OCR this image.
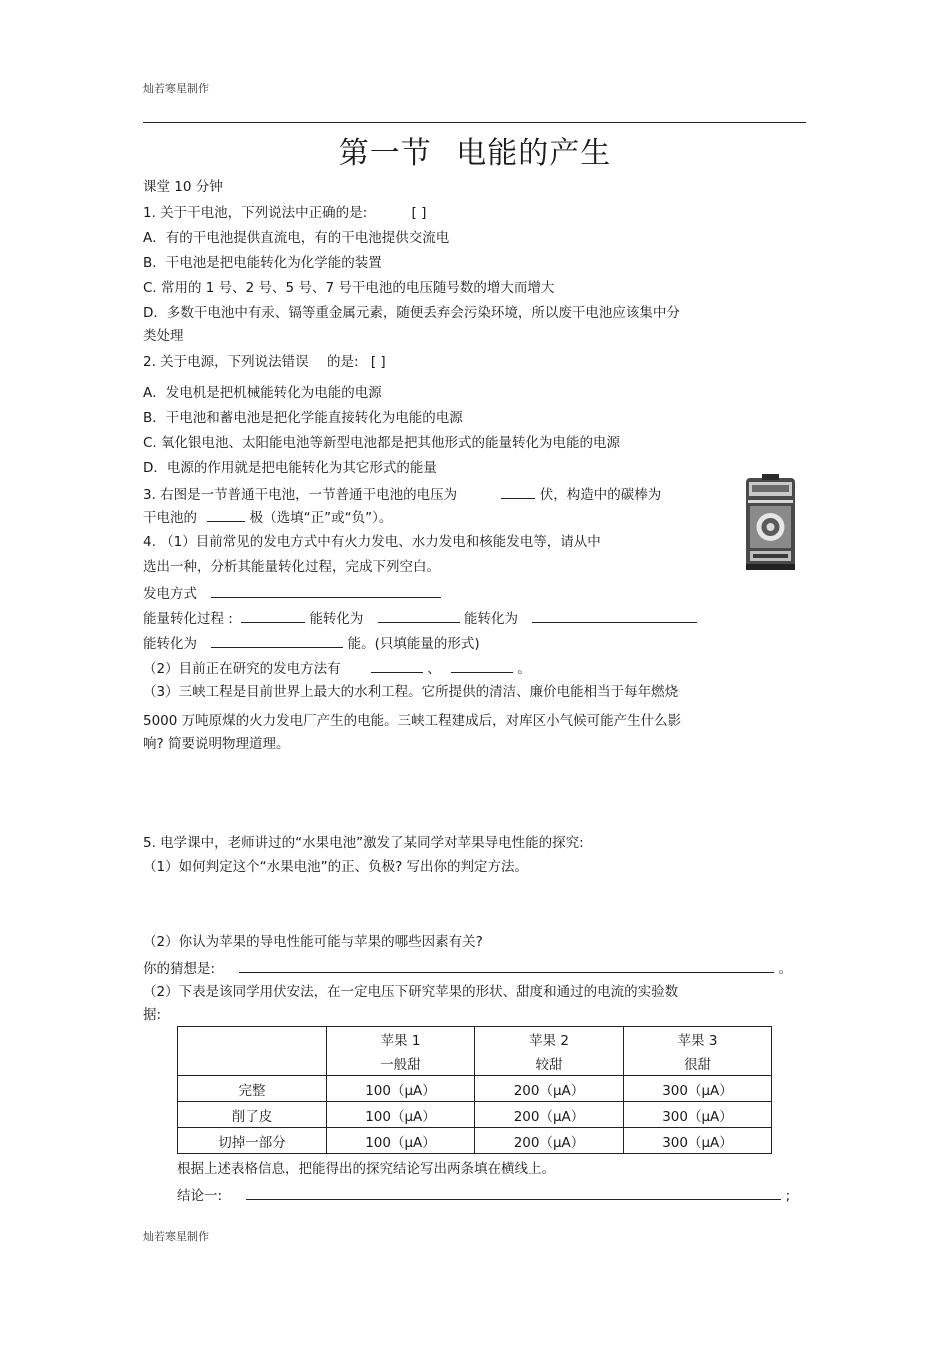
灿若寒星制作
第一节 电能的产生
课堂 10 分钟
1. 关于干电池，下列说法中正确的是:	[ ]
A．有的干电池提供直流电，有的干电池提供交流电
B．干电池是把电能转化为化学能的装置
C. 常用的 1 号、2 号、5 号、7 号干电池的电压随号数的增大而增大
D．多数干电池中有汞、镉等重金属元素，随便丢弃会污染环境，所以废干电池应该集中分
类处理
2. 关于电源，下列说法错误 的是: [ ]
A．发电机是把机械能转化为电能的电源
B．干电池和蓄电池是把化学能直接转化为电能的电源
C. 氧化银电池、太阳能电池等新型电池都是把其他形式的能量转化为电能的电源
D．电源的作用就是把电能转化为其它形式的能量
3. 右图是一节普通干电池，一节普通干电池的电压为	伏，构造中的碳棒为
干电池的	极（选填“正”或“负”）。
4. （1）目前常见的发电方式中有火力发电、水力发电和核能发电等，请从中
选出一种，分析其能量转化过程，完成下列空白。
发电方式
能量转化过程 :	能转化为	能转化为
能转化为	能。(只填能量的形式)
（2）目前正在研究的发电方法有	、	。
（3）三峡工程是目前世界上最大的水利工程。它所提供的清洁、廉价电能相当于每年燃烧
5000 万吨原煤的火力发电厂产生的电能。三峡工程建成后，对库区小气候可能产生什么影
响? 简要说明物理道理。
5. 电学课中，老师讲过的“水果电池”激发了某同学对苹果导电性能的探究:
（1）如何判定这个“水果电池”的正、负极? 写出你的判定方法。
（2）你认为苹果的导电性能可能与苹果的哪些因素有关?
你的猜想是:	。
（2）下表是该同学用伏安法，在一定电压下研究苹果的形状、甜度和通过的电流的实验数
据:
	苹果 1	苹果 2	苹果 3
	一般甜	较甜	很甜
完整	100（μA）	200（μA）	300（μA）
削了皮	100（μA）	200（μA）	300（μA）
切掉一部分	100（μA）	200（μA）	300（μA）
根据上述表格信息，把能得出的探究结论写出两条填在横线上。
结论一:	;
灿若寒星制作
